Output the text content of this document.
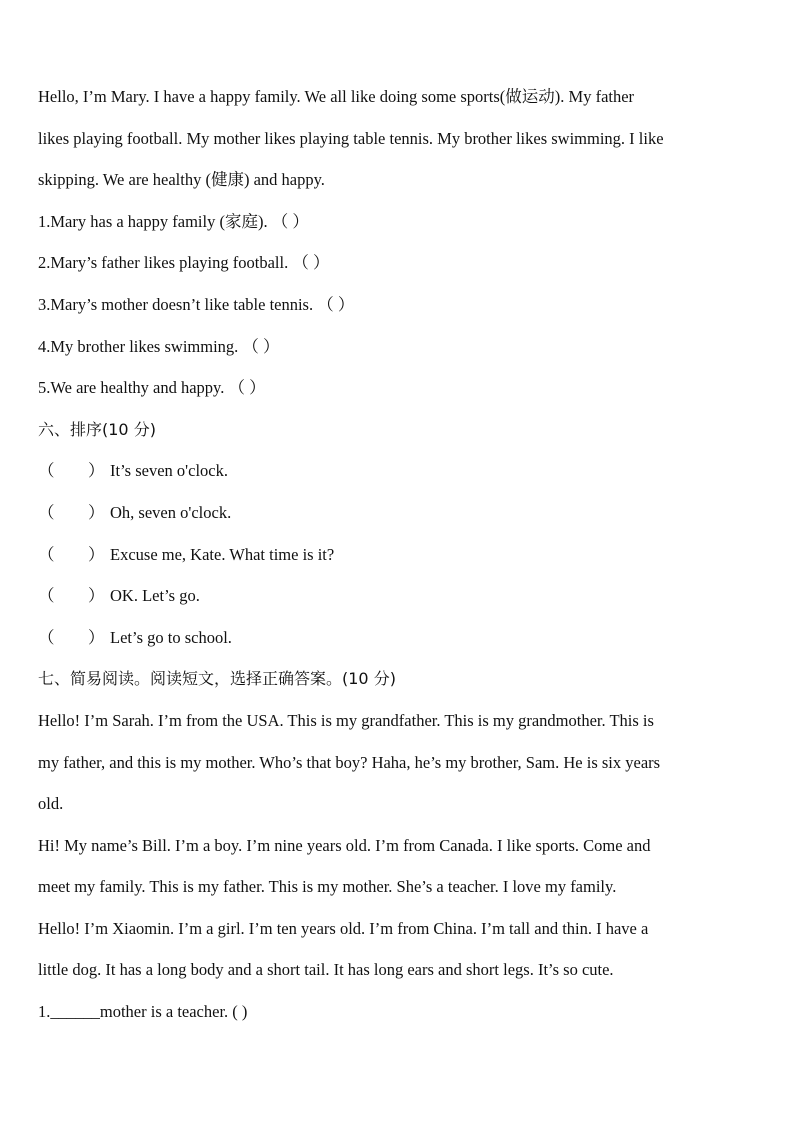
Hello, I’m Mary. I have a happy family. We all like doing some sports(做运动). My father
likes playing football. My mother likes playing table tennis. My brother likes swimming. I like
skipping. We are healthy (健康) and happy.
1.Mary has a happy family (家庭). （ ）
2.Mary’s father likes playing football. （ ）
3.Mary’s mother doesn’t like table tennis. （ ）
4.My brother likes swimming. （ ）
5.We are healthy and happy. （ ）
六、排序(10 分)
（ ） It’s seven o'clock.
（ ） Oh, seven o'clock.
（ ） Excuse me, Kate. What time is it?
（ ） OK. Let’s go.
（ ） Let’s go to school.
七、简易阅读。阅读短文，选择正确答案。(10 分)
Hello! I’m Sarah. I’m from the USA. This is my grandfather. This is my grandmother. This is
my father, and this is my mother. Who’s that boy? Haha, he’s my brother, Sam. He is six years
old.
Hi! My name’s Bill. I’m a boy. I’m nine years old. I’m from Canada. I like sports. Come and
meet my family. This is my father. This is my mother. She’s a teacher. I love my family.
Hello! I’m Xiaomin. I’m a girl. I’m ten years old. I’m from China. I’m tall and thin. I have a
little dog. It has a long body and a short tail. It has long ears and short legs. It’s so cute.
1.______mother is a teacher. ( )
